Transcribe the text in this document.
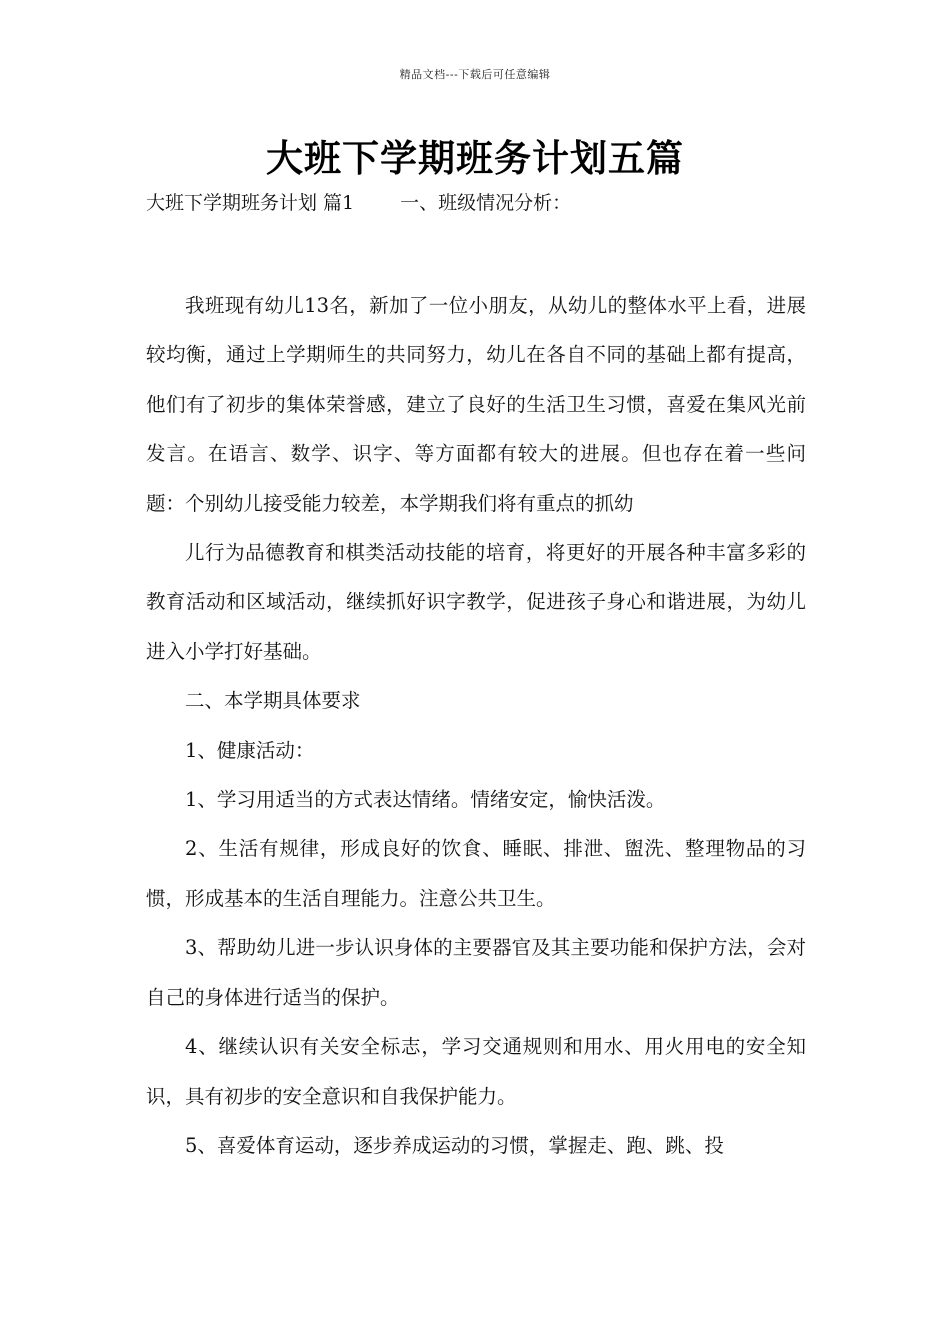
精品文档---下载后可任意编辑
大班下学期班务计划五篇
大班下学期班务计划 篇1 一、班级情况分析：

我班现有幼儿13名，新加了一位小朋友，从幼儿的整体水平上看，进展较均衡，通过上学期师生的共同努力，幼儿在各自不同的基础上都有提高，他们有了初步的集体荣誉感，建立了良好的生活卫生习惯，喜爱在集风光前发言。在语言、数学、识字、等方面都有较大的进展。但也存在着一些问题：个别幼儿接受能力较差，本学期我们将有重点的抓幼

儿行为品德教育和棋类活动技能的培育，将更好的开展各种丰富多彩的教育活动和区域活动，继续抓好识字教学，促进孩子身心和谐进展，为幼儿进入小学打好基础。

二、本学期具体要求

1、健康活动：

1、学习用适当的方式表达情绪。情绪安定，愉快活泼。

2、生活有规律，形成良好的饮食、睡眠、排泄、盥洗、整理物品的习惯，形成基本的生活自理能力。注意公共卫生。

3、帮助幼儿进一步认识身体的主要器官及其主要功能和保护方法，会对自己的身体进行适当的保护。

4、继续认识有关安全标志，学习交通规则和用水、用火用电的安全知识，具有初步的安全意识和自我保护能力。

5、喜爱体育运动，逐步养成运动的习惯，掌握走、跑、跳、投
